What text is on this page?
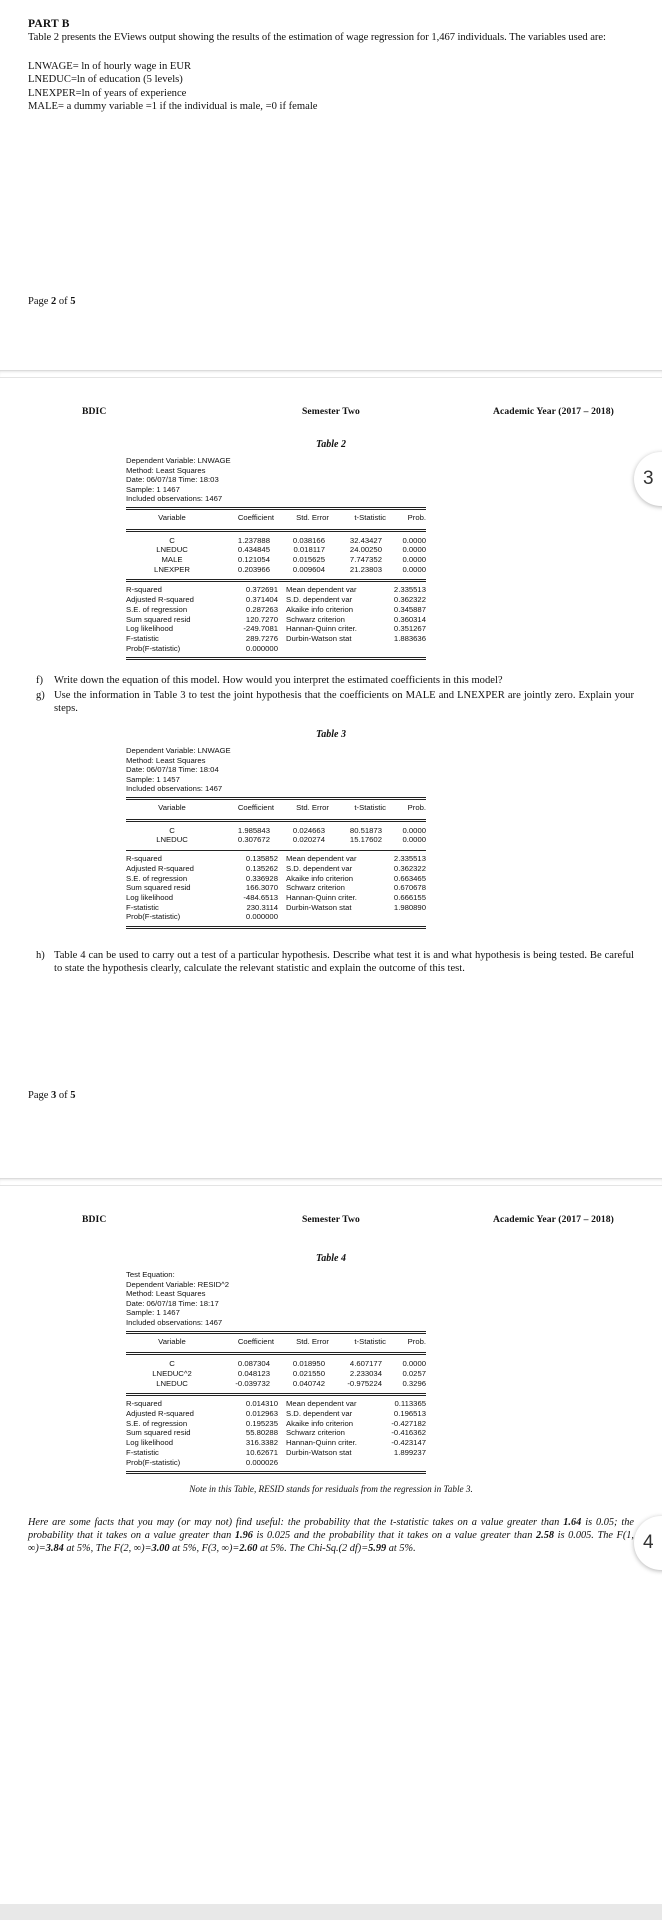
PART B

Table 2 presents the EViews output showing the results of the estimation of wage regression for 1,467 individuals. The variables used are:

LNWAGE= ln of hourly wage in EUR
LNEDUC=ln of education (5 levels)
LNEXPER=ln of years of experience
MALE= a dummy variable =1 if the individual is male, =0 if female
Page 2 of 5
3
BDIC	Semester Two	Academic Year (2017 – 2018)
Table 2
Dependent Variable: LNWAGE
Method: Least Squares
Date: 06/07/18 Time: 18:03
Sample: 1 1467
Included observations: 1467
Variable	Coefficient	Std. Error	t-Statistic	Prob.
C	1.237888	0.038166	32.43427	0.0000
LNEDUC	0.434845	0.018117	24.00250	0.0000
MALE	0.121054	0.015625	7.747352	0.0000
LNEXPER	0.203966	0.009604	21.23803	0.0000
R-squared	0.372691	Mean dependent var	2.335513
Adjusted R-squared	0.371404	S.D. dependent var	0.362322
S.E. of regression	0.287263	Akaike info criterion	0.345887
Sum squared resid	120.7270	Schwarz criterion	0.360314
Log likelihood	-249.7081	Hannan-Quinn criter.	0.351267
F-statistic	289.7276	Durbin-Watson stat	1.883636
Prob(F-statistic)	0.000000		
f)	Write down the equation of this model. How would you interpret the estimated coefficients in this model?
g) Use the information in Table 3 to test the joint hypothesis that the coefficients on MALE and LNEXPER are jointly zero. Explain your steps.
Table 3
Dependent Variable: LNWAGE
Method: Least Squares
Date: 06/07/18 Time: 18:04
Sample: 1 1457
Included observations: 1467
Variable	Coefficient	Std. Error	t-Statistic	Prob.
C	1.985843	0.024663	80.51873	0.0000
LNEDUC	0.307672	0.020274	15.17602	0.0000
R-squared	0.135852	Mean dependent var	2.335513
Adjusted R-squared	0.135262	S.D. dependent var	0.362322
S.E. of regression	0.336928	Akaike info criterion	0.663465
Sum squared resid	166.3070	Schwarz criterion	0.670678
Log likelihood	-484.6513	Hannan-Quinn criter.	0.666155
F-statistic	230.3114	Durbin-Watson stat	1.980890
Prob(F-statistic)	0.000000		
h) Table 4 can be used to carry out a test of a particular hypothesis. Describe what test it is and what hypothesis is being tested. Be careful to state the hypothesis clearly, calculate the relevant statistic and explain the outcome of this test.
Page 3 of 5
4
BDIC	Semester Two	Academic Year (2017 – 2018)
Table 4
Test Equation:
Dependent Variable: RESID^2
Method: Least Squares
Date: 06/07/18 Time: 18:17
Sample: 1 1467
Included observations: 1467
Variable	Coefficient	Std. Error	t-Statistic	Prob.
C	0.087304	0.018950	4.607177	0.0000
LNEDUC^2	0.048123	0.021550	2.233034	0.0257
LNEDUC	-0.039732	0.040742	-0.975224	0.3296
R-squared	0.014310	Mean dependent var	0.113365
Adjusted R-squared	0.012963	S.D. dependent var	0.196513
S.E. of regression	0.195235	Akaike info criterion	-0.427182
Sum squared resid	55.80288	Schwarz criterion	-0.416362
Log likelihood	316.3382	Hannan-Quinn criter.	-0.423147
F-statistic	10.62671	Durbin-Watson stat	1.899237
Prob(F-statistic)	0.000026		
Note in this Table, RESID stands for residuals from the regression in Table 3.
Here are some facts that you may (or may not) find useful: the probability that the t-statistic takes on a value greater than 1.64 is 0.05; the probability that it takes on a value greater than 1.96 is 0.025 and the probability that it takes on a value greater than 2.58 is 0.005. The F(1, ∞)=3.84 at 5%, The F(2, ∞)=3.00 at 5%, F(3, ∞)=2.60 at 5%. The Chi-Sq.(2 df)=5.99 at 5%.
